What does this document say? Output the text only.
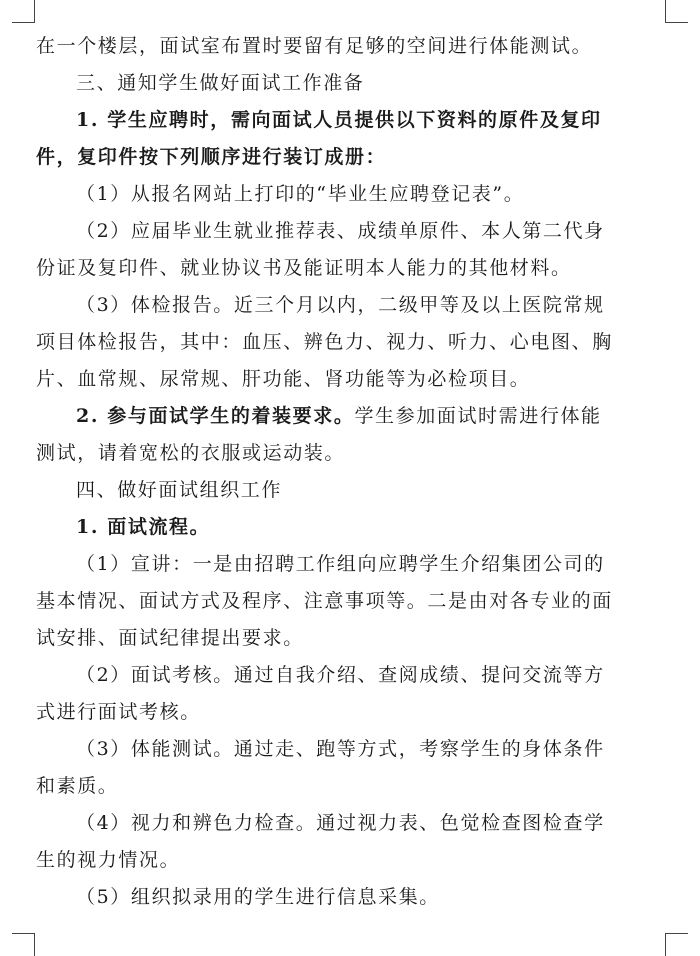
在一个楼层，面试室布置时要留有足够的空间进行体能测试。

三、通知学生做好面试工作准备

1. 学生应聘时，需向面试人员提供以下资料的原件及复印

件，复印件按下列顺序进行装订成册：

（1）从报名网站上打印的“毕业生应聘登记表”。

（2）应届毕业生就业推荐表、成绩单原件、本人第二代身

份证及复印件、就业协议书及能证明本人能力的其他材料。

（3）体检报告。近三个月以内，二级甲等及以上医院常规

项目体检报告，其中：血压、辨色力、视力、听力、心电图、胸

片、血常规、尿常规、肝功能、肾功能等为必检项目。

2. 参与面试学生的着装要求。学生参加面试时需进行体能

测试，请着宽松的衣服或运动装。

四、做好面试组织工作

1. 面试流程。

（1）宣讲：一是由招聘工作组向应聘学生介绍集团公司的

基本情况、面试方式及程序、注意事项等。二是由对各专业的面

试安排、面试纪律提出要求。

（2）面试考核。通过自我介绍、查阅成绩、提问交流等方

式进行面试考核。

（3）体能测试。通过走、跑等方式，考察学生的身体条件

和素质。

（4）视力和辨色力检查。通过视力表、色觉检查图检查学

生的视力情况。

（5）组织拟录用的学生进行信息采集。
